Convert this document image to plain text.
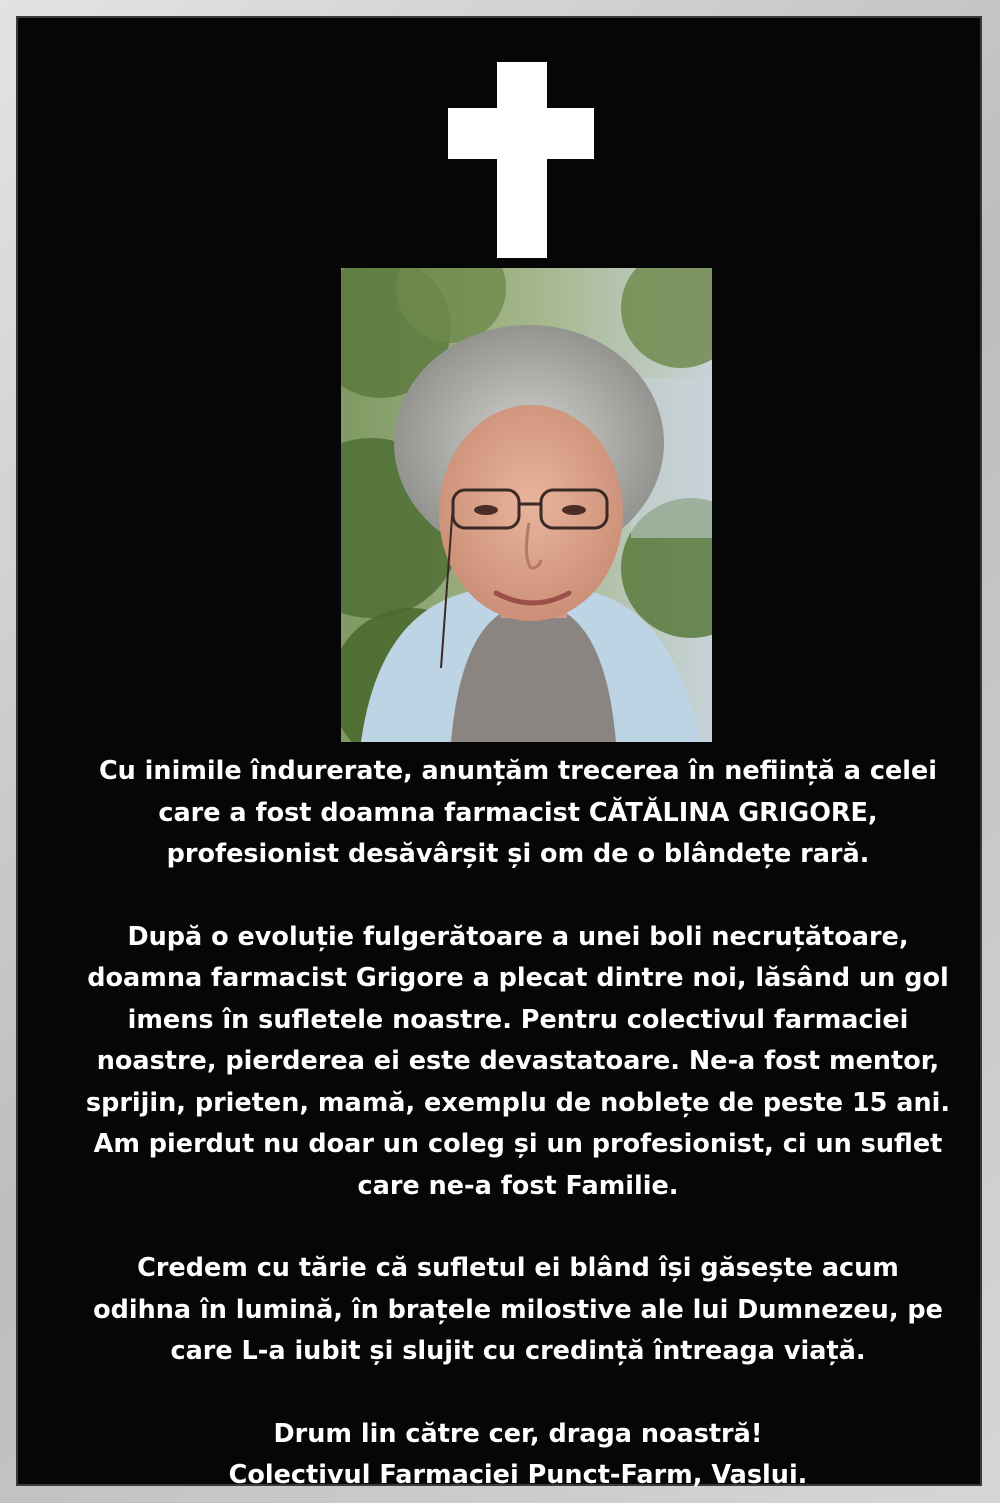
Cu inimile îndurerate, anunțăm trecerea în neființă a celei
care a fost doamna farmacist CĂTĂLINA GRIGORE,
profesionist desăvârșit și om de o blândețe rară.

După o evoluție fulgerătoare a unei boli necruțătoare,
doamna farmacist Grigore a plecat dintre noi, lăsând un gol
imens în sufletele noastre. Pentru colectivul farmaciei
noastre, pierderea ei este devastatoare. Ne-a fost mentor,
sprijin, prieten, mamă, exemplu de noblețe de peste 15 ani.
Am pierdut nu doar un coleg și un profesionist, ci un suflet
care ne-a fost Familie.

Credem cu tărie că sufletul ei blând își găsește acum
odihna în lumină, în brațele milostive ale lui Dumnezeu, pe
care L-a iubit și slujit cu credință întreaga viață.

Drum lin către cer, draga noastră!
Colectivul Farmaciei Punct-Farm, Vaslui.
